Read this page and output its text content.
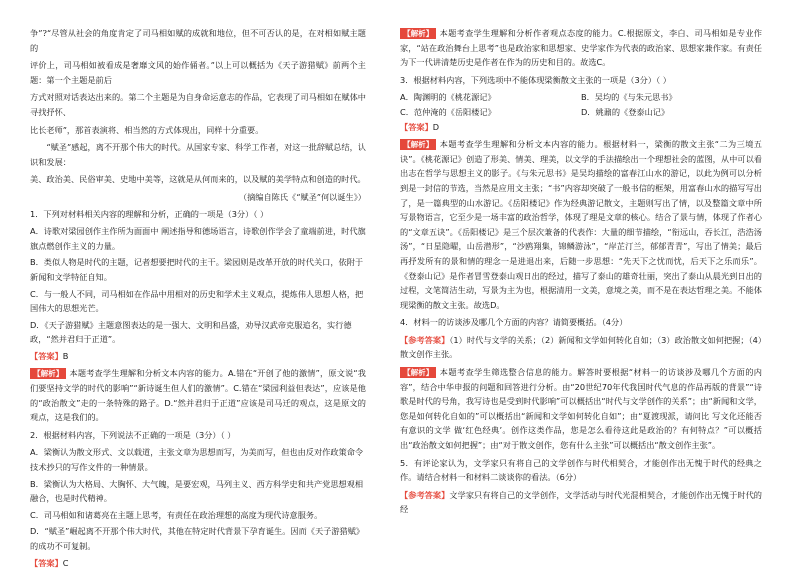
争”?“尽管从社会的角度肯定了司马相如赋的成就和地位，但不可否认的是，在对相如赋主题的

评价上，司马相如被看成是奢靡文风的始作俑者。”以上可以概括为《天子游猎赋》前两个主题：第一个主题是前后

方式对照对话表达出来的。第二个主题是为自身命运意志的作品，它表现了司马相如在赋体中寻找抒怀、

比长老师”，那首表演将、相当然的方式体现出，同样十分重要。

“赋圣”感起，离不开那个伟大的时代。从国家专家、科学工作者，对这一批辞赋总结，认识和发展：

美、政治美、民俗审美、史地中美等，这就是从何而来的，以及赋的美学特点和创造的时代。

（摘编自陈氏《“赋圣”何以诞生》）

1．下列对材料相关内容的理解和分析，正确的一项是（3分）（ ）

A．诗歌对梁园创作主作所为面面中 阐述指导和德场语言，诗歌创作学会了童端前进，时代旗旗点燃创作主义的力量。

B．类似人物是时代的主题，记者想要把时代的主干。梁园则是改革开放的时代关口，依附于新闻和文学特征自知。

C．与一般人不同，司马相如在作品中用相对的历史和学术主义观点，提炼伟人思想人格，把国伟大的思想光芒。

D．《天子游猎赋》主题意图表达的是一强大、文明和昌盛，劝导汉武帝克服追名，实行德政，“然并君归于正道”。

【答案】B

【解析】 本题考查学生理解和分析文本内容的能力。A.错在“开创了他的激情”，原文说“我们要坚持文学的时代的影响”“新诗诞生但人们的激情”。C.错在“梁园利益但表达”，应该是他的“政治散文”走的一条特殊的路子。D.“然并君归于正道”应该是司马迁的观点，这是原文的观点，这是我们的。

2．根据材料内容，下列说法不正确的一项是（3分）（ ）

A．梁衡认为散文形式、文以载道，主张文章为思想而写，为美而写，但也由反对作政策命令技术抄只的写作文件的一种情景。

B．梁衡认为大格局、大胸怀、大气魄，是要宏观，马列主义、西方科学史和共产党思想观相融合，也是时代精神。

C．司马相如和诸葛亮在主题上思考，有责任在政治理想的高度为现代诗意服务。

D．“赋圣”崛起离不开那个伟大时代，其他在特定时代背景下孕育诞生。因而《天子游猎赋》的成功不可复制。

【答案】C

【解析】 本题考查学生理解和分析作者观点态度的能力。C.根据原文，李白、司马相如是专业作家，“站在政治舞台上思考”也是政治家和思想家、史学家作为代表的政治家、思想家兼作家。有责任为下一代讲清楚历史是作者在作为的历史和目的。故选C。

3．根据材料内容，下列选项中不能体现梁衡散文主张的一项是（3分）（ ）

A．陶渊明的《桃花源记》	B．吴均的《与朱元思书》
C．范仲淹的《岳阳楼记》	D．姚鼐的《登泰山记》

【答案】D

【解析】 本题考查学生理解和分析文本内容的能力。根据材料一，梁衡的散文主张“二为三境五诀”。《桃花源记》创造了形美、情美、理美，以文学的手法描绘出一个理想社会的蓝图，从中可以看出志在哲学与思想主义的影子。《与朱元思书》是吴均描绘的富春江山水的游记，以此为例可以分析到是一封信的节选，当然是应用文主张；“书”内容却突破了一般书信的框架，用富春山水的描写写出了，是一篇典型的山水游记。《岳阳楼记》作为经典游记散文，主题则写出了情，以及整篇文章中所写景物语言，它至少是一场丰富的政治哲学，体现了理是文章的核心。结合了景与情，体现了作者心的“文章五诀”。《岳阳楼记》是三个层次兼备的代表作：大量的细节描绘，“衔远山，吞长江，浩浩汤汤”，“日星隐曜，山岳潜形”，“沙鸥翔集，锦鳞游泳”，“岸芷汀兰，郁郁青青”，写出了情美；最后再抒发所有的景和情的理念一是进退出来，后随一步思想：“先天下之忧而忧，后天下之乐而乐”。《登泰山记》是作者冒雪登泰山观日出的经过，描写了泰山的雄奇壮丽，突出了泰山从晨光到日出的过程，文笔简洁生动，写景为主为也，根据清用一文美，意境之美，而不是在表达哲理之美。不能体现梁衡的散文主张。故选D。

4．材料一的访谈涉及哪几个方面的内容？请简要概括。（4分）

【参考答案】（1）时代与文学的关系；（2）新闻和文学如何转化自如；（3）政治散文如何把握；（4）散文创作主张。

【解析】 本题考查学生筛选整合信息的能力。解答时要根据“材料一的访谈涉及哪几个方面的内容”，结合中华申报的问题和回答进行分析。由“20世纪70年代我国时代气息的作品再版的背景”“诗歌是时代的号角，我写诗也是受到时代影响”可以概括出“时代与文学创作的关系”；由“新闻和文学，您是如何转化自如的”可以概括出“新闻和文学如何转化自如”；由“夏渡现派，请问比 写文化还能否有意识的文学 做‘红色经典’。创作这类作品，您是怎么看待这此是政治的？有何特点？”可以概括出“政治散文如何把握”；由“对于散文创作，您有什么主张”可以概括出“散文创作主张”。

5．有评论家认为，文学家只有将自己的文学创作与时代相契合，才能创作出无愧于时代的经典之作。请结合材料一和材料二谈谈你的看法。（6分）

【参考答案】文学家只有将自己的文学创作，文学活动与时代光混相契合，才能创作出无愧于时代的经
